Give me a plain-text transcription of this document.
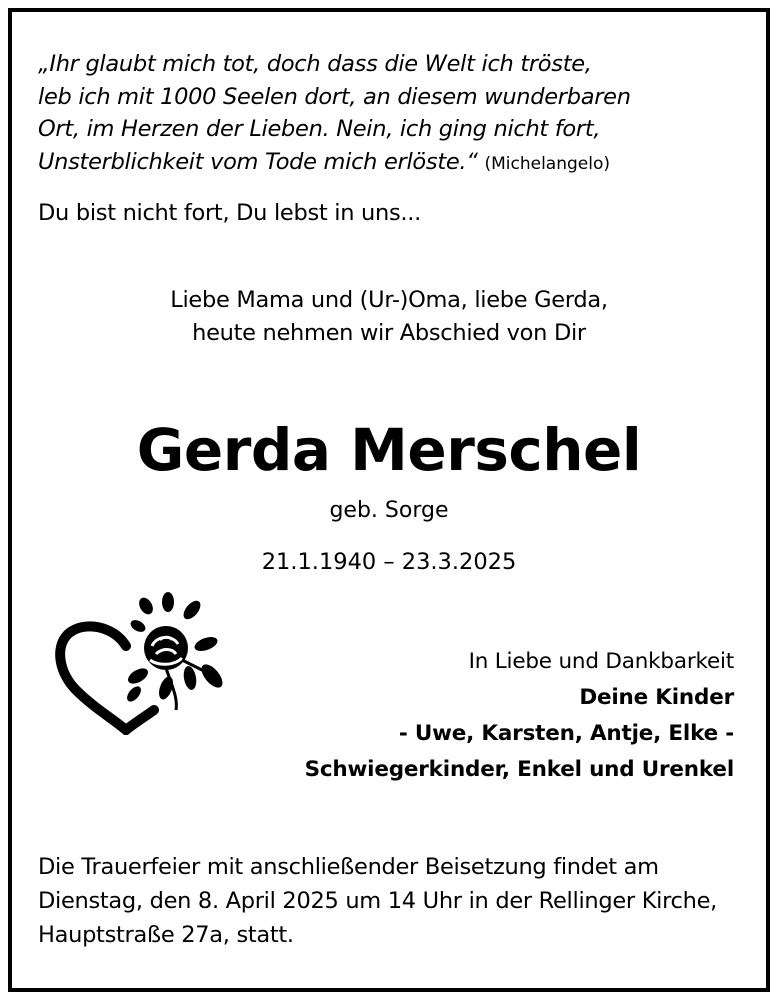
„Ihr glaubt mich tot, doch dass die Welt ich tröste,
leb ich mit 1000 Seelen dort, an diesem wunderbaren
Ort, im Herzen der Lieben. Nein, ich ging nicht fort,
Unsterblichkeit vom Tode mich erlöste.“ (Michelangelo)
Du bist nicht fort, Du lebst in uns...
Liebe Mama und (Ur-)Oma, liebe Gerda,
heute nehmen wir Abschied von Dir
Gerda Merschel
geb. Sorge
21.1.1940 – 23.3.2025
In Liebe und Dankbarkeit
Deine Kinder
- Uwe, Karsten, Antje, Elke -
Schwiegerkinder, Enkel und Urenkel
Die Trauerfeier mit anschließender Beisetzung findet am
Dienstag, den 8. April 2025 um 14 Uhr in der Rellinger Kirche,
Hauptstraße 27a, statt.
